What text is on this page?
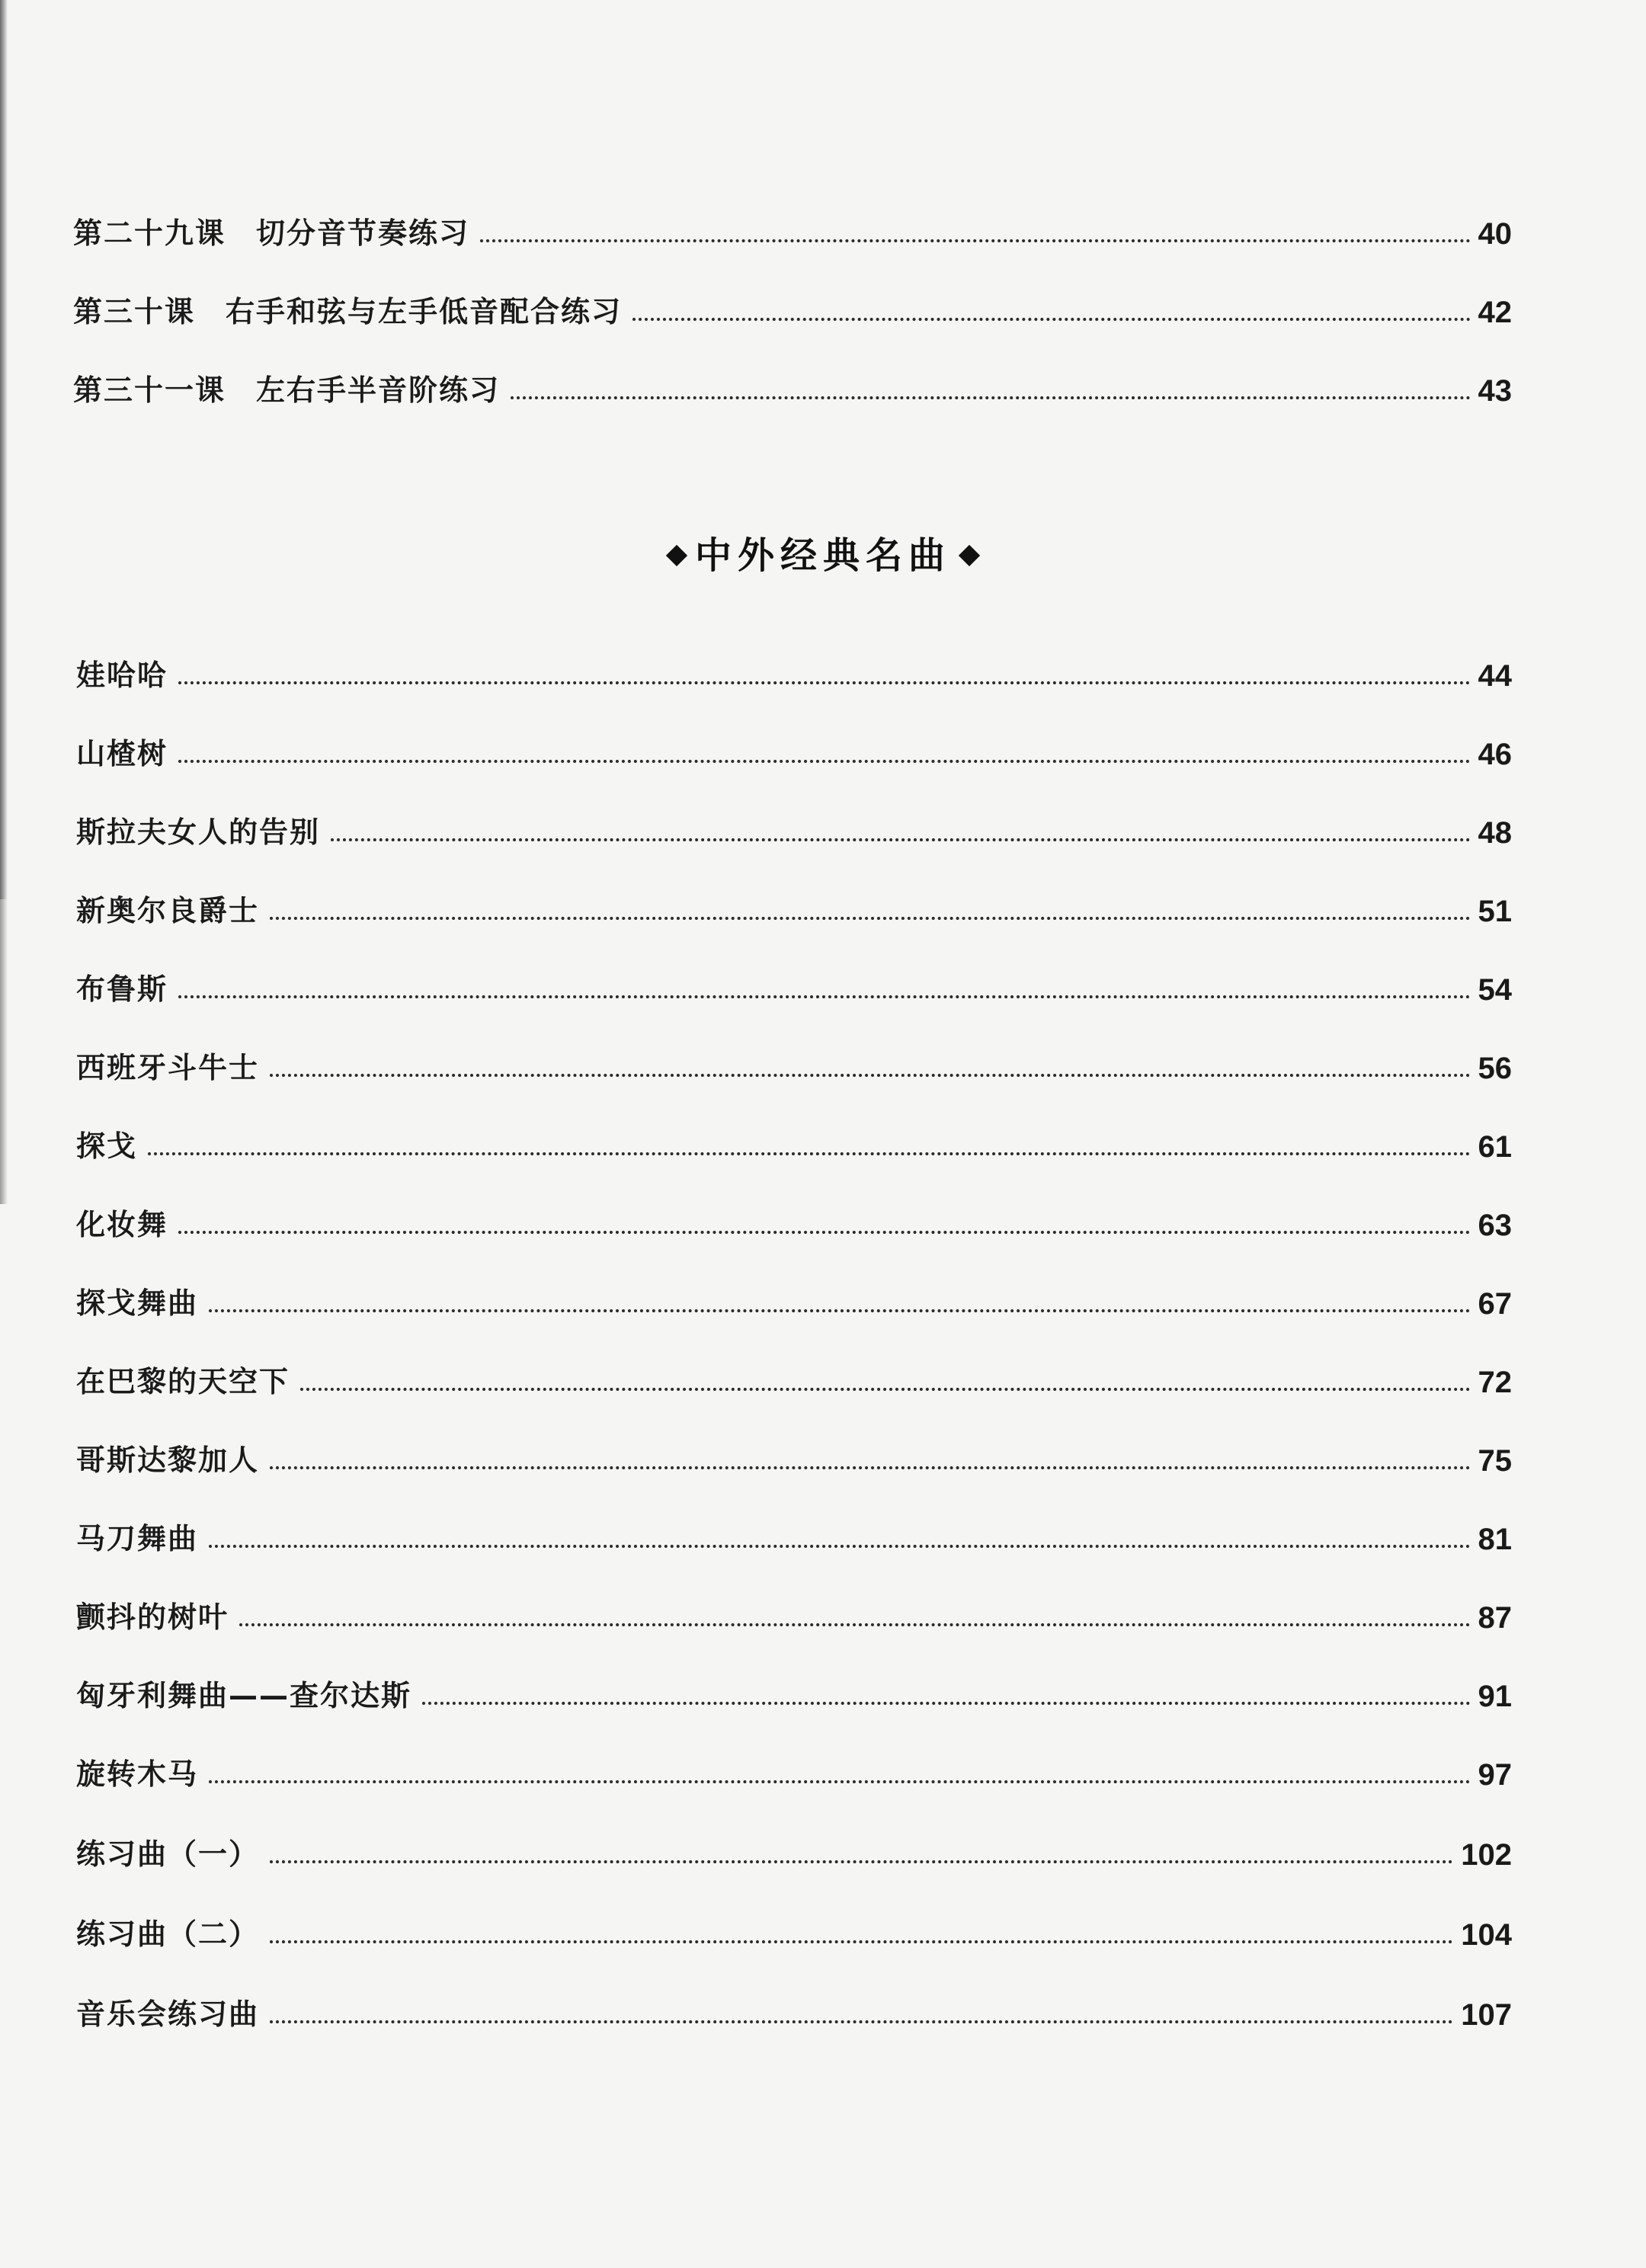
第二十九课　切分音节奏练习	40
第三十课　右手和弦与左手低音配合练习	42
第三十一课　左右手半音阶练习	43
中外经典名曲
娃哈哈	44
山楂树	46
斯拉夫女人的告别	48
新奥尔良爵士	51
布鲁斯	54
西班牙斗牛士	56
探戈	61
化妆舞	63
探戈舞曲	67
在巴黎的天空下	72
哥斯达黎加人	75
马刀舞曲	81
颤抖的树叶	87
匈牙利舞曲——查尔达斯	91
旋转木马	97
练习曲（一）	102
练习曲（二）	104
音乐会练习曲	107
